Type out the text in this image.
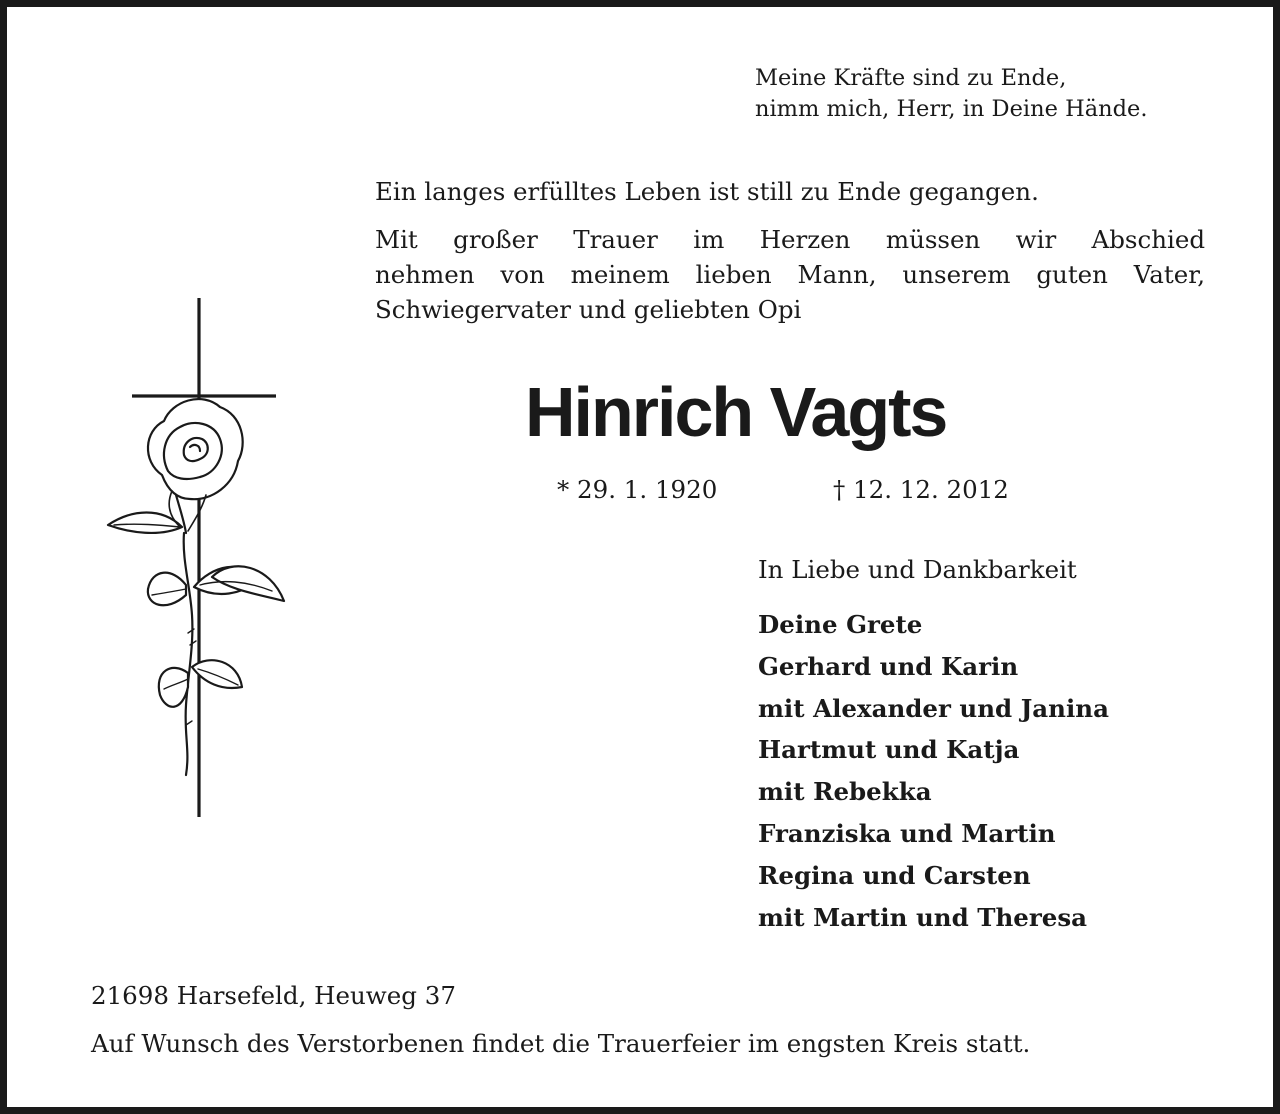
Meine Kräfte sind zu Ende,
nimm mich, Herr, in Deine Hände.
Ein langes erfülltes Leben ist still zu Ende gegangen.
Mit großer Trauer im Herzen müssen wir Abschied
nehmen von meinem lieben Mann, unserem guten Vater,
Schwiegervater und geliebten Opi
Hinrich Vagts
* 29. 1. 1920	† 12. 12. 2012
In Liebe und Dankbarkeit
Deine Grete
Gerhard und Karin
mit Alexander und Janina
Hartmut und Katja
mit Rebekka
Franziska und Martin
Regina und Carsten
mit Martin und Theresa
21698 Harsefeld, Heuweg 37
Auf Wunsch des Verstorbenen findet die Trauerfeier im engsten Kreis statt.
